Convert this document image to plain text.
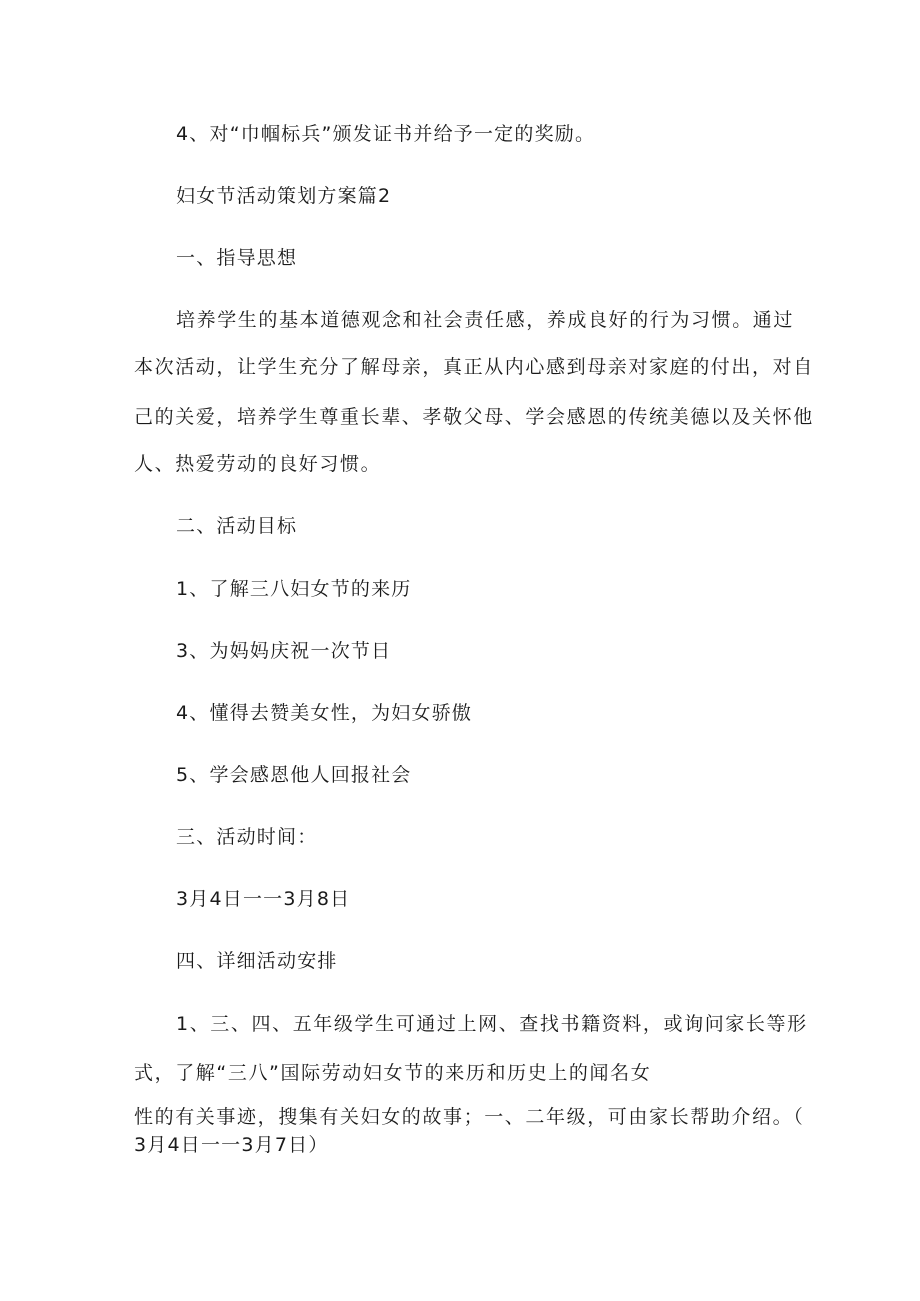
4、对“巾帼标兵”颁发证书并给予一定的奖励。
妇女节活动策划方案篇2
一、指导思想
培养学生的基本道德观念和社会责任感，养成良好的行为习惯。通过
本次活动，让学生充分了解母亲，真正从内心感到母亲对家庭的付出，对自
己的关爱，培养学生尊重长辈、孝敬父母、学会感恩的传统美德以及关怀他
人、热爱劳动的良好习惯。
二、活动目标
1、了解三八妇女节的来历
3、为妈妈庆祝一次节日
4、懂得去赞美女性，为妇女骄傲
5、学会感恩他人回报社会
三、活动时间：
3月4日一一3月8日
四、详细活动安排
1、三、四、五年级学生可通过上网、查找书籍资料，或询问家长等形
式，了解“三八”国际劳动妇女节的来历和历史上的闻名女
性的有关事迹，搜集有关妇女的故事；一、二年级，可由家长帮助介绍。（
3月4日一一3月7日）
